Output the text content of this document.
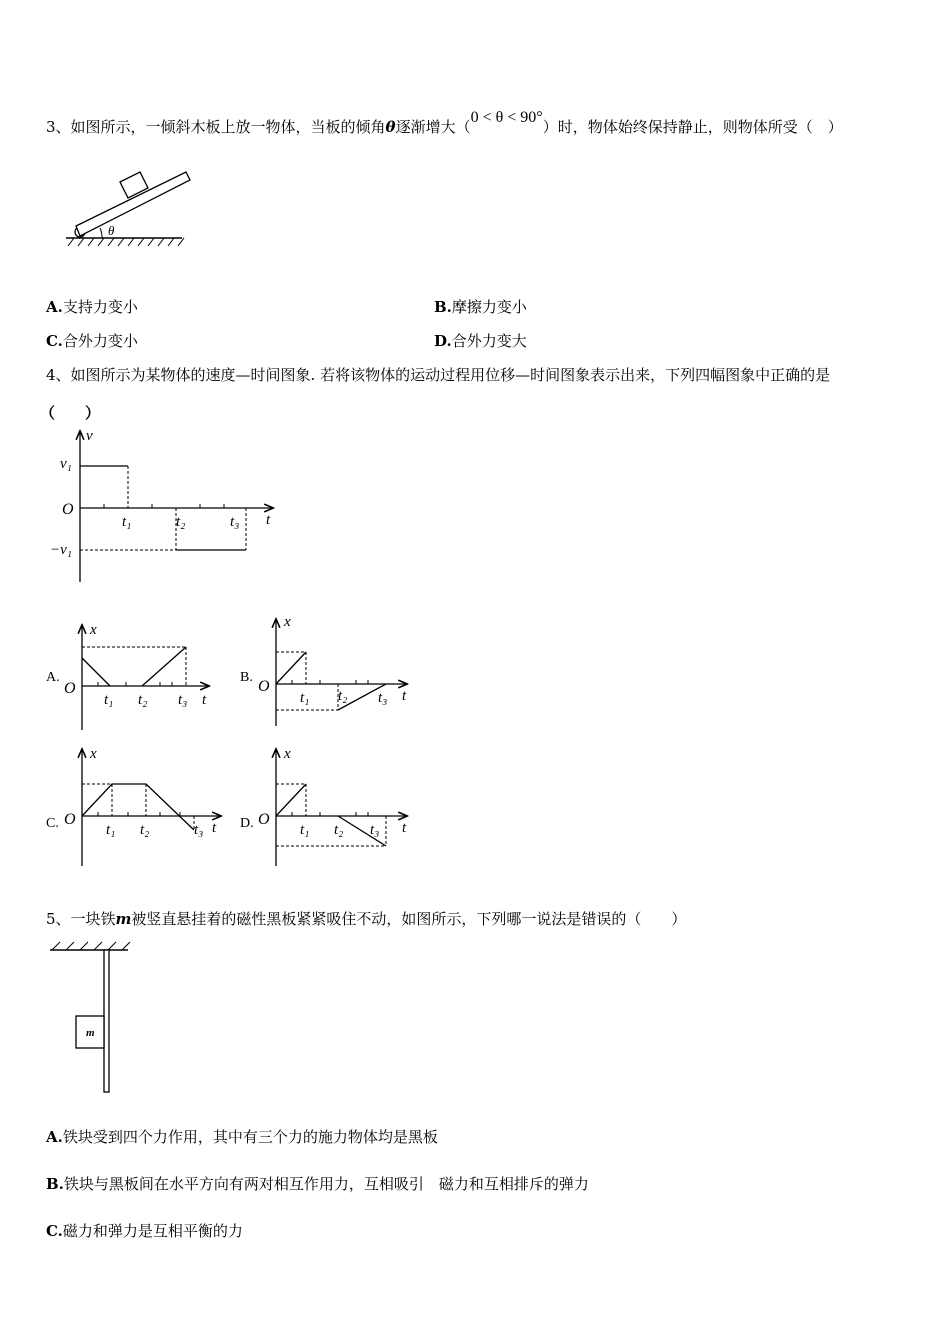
3、如图所示，一倾斜木板上放一物体，当板的倾角θ逐渐增大（0 < θ < 90°）时，物体始终保持静止，则物体所受（　）
θ
A.支持力变小	B.摩擦力变小
C.合外力变小	D.合外力变大
4、如图所示为某物体的速度—时间图象. 若将该物体的运动过程用位移—时间图象表示出来，下列四幅图象中正确的是
（　　）
v
t
O
v₁
−v₁
t₁	t₂	t₃
A.
x
t
O
t₁ t₂ t₃
B.
x
t
O
t₁ t₂ t₃
C.
x
t
O
t₁ t₂	t₃	D.
x
t
O
t₁ t₂ t₃
5、一块铁m被竖直悬挂着的磁性黑板紧紧吸住不动，如图所示，下列哪一说法是错误的（　　）
m
A.铁块受到四个力作用，其中有三个力的施力物体均是黑板
B.铁块与黑板间在水平方向有两对相互作用力，互相吸引　磁力和互相排斥的弹力
C.磁力和弹力是互相平衡的力
